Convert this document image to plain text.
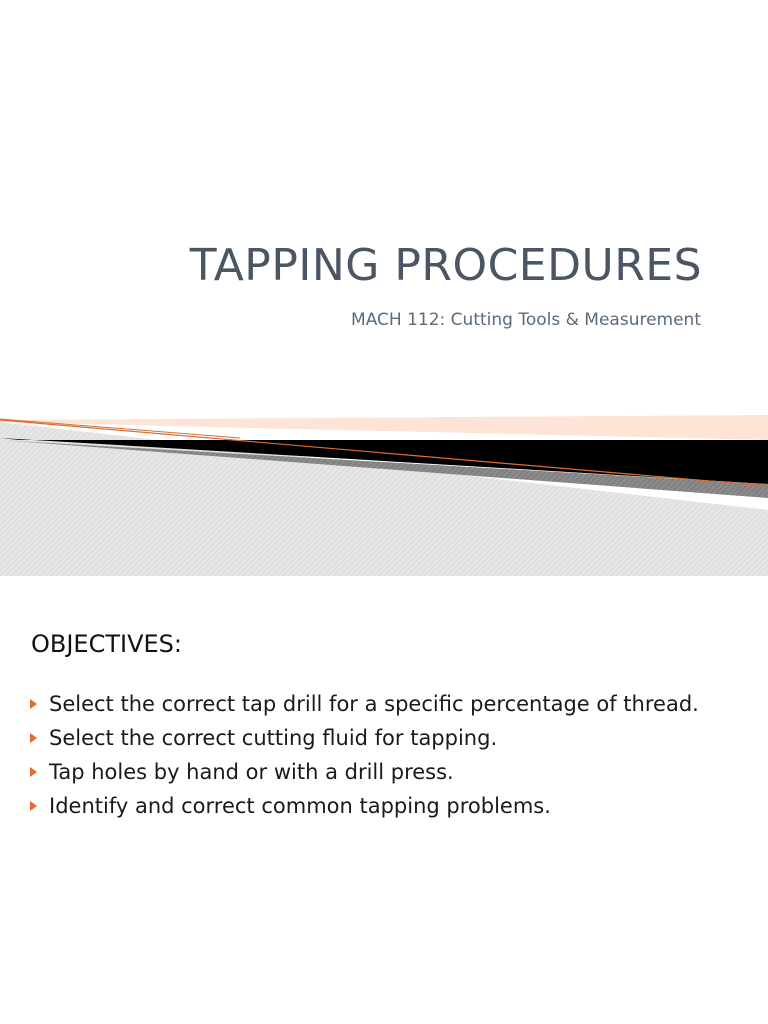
TAPPING PROCEDURES
MACH 112: Cutting Tools & Measurement
OBJECTIVES:
Select the correct tap drill for a specific percentage of thread.
Select the correct cutting fluid for tapping.
Tap holes by hand or with a drill press.
Identify and correct common tapping problems.
